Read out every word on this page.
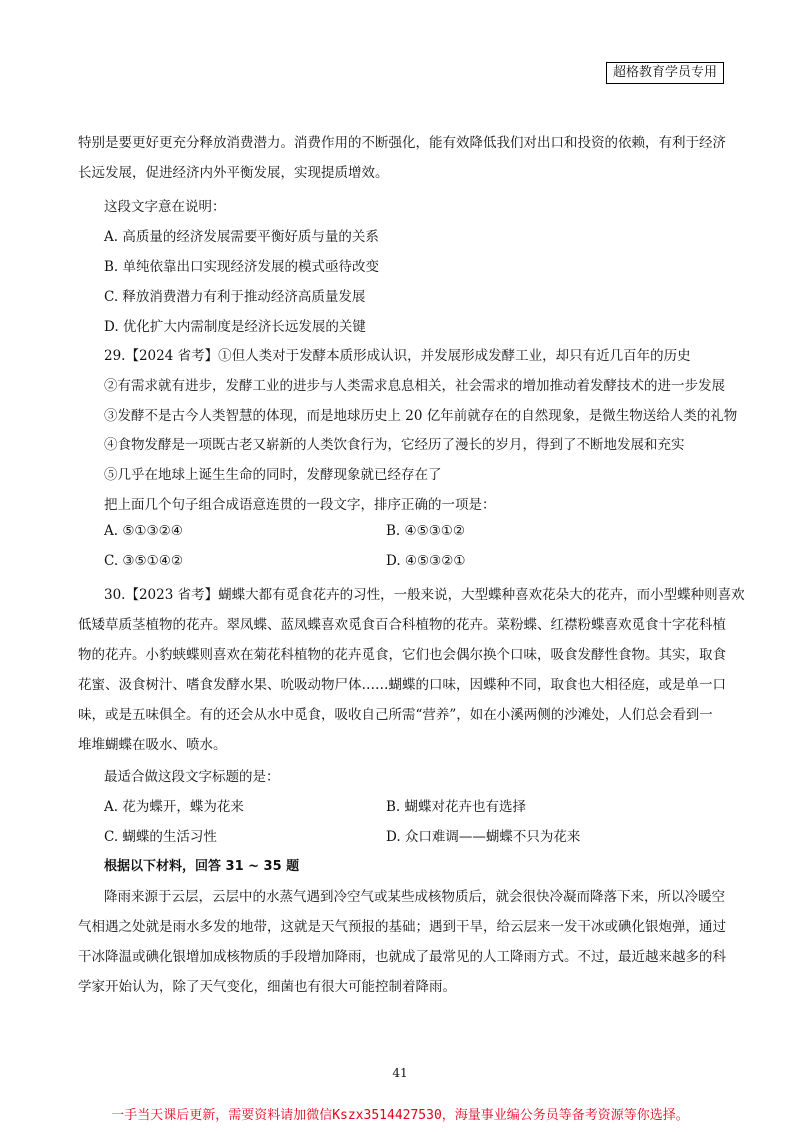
超格教育学员专用
特别是要更好更充分释放消费潜力。消费作用的不断强化，能有效降低我们对出口和投资的依赖，有利于经济
长远发展，促进经济内外平衡发展，实现提质增效。
这段文字意在说明：
A. 高质量的经济发展需要平衡好质与量的关系
B. 单纯依靠出口实现经济发展的模式亟待改变
C. 释放消费潜力有利于推动经济高质量发展
D. 优化扩大内需制度是经济长远发展的关键
29.【2024 省考】①但人类对于发酵本质形成认识，并发展形成发酵工业，却只有近几百年的历史
②有需求就有进步，发酵工业的进步与人类需求息息相关，社会需求的增加推动着发酵技术的进一步发展
③发酵不是古今人类智慧的体现，而是地球历史上 20 亿年前就存在的自然现象，是微生物送给人类的礼物
④食物发酵是一项既古老又崭新的人类饮食行为，它经历了漫长的岁月，得到了不断地发展和充实
⑤几乎在地球上诞生生命的同时，发酵现象就已经存在了
把上面几个句子组合成语意连贯的一段文字，排序正确的一项是：
A. ⑤①③②④	B. ④⑤③①②
C. ③⑤①④②	D. ④⑤③②①
30.【2023 省考】蝴蝶大都有觅食花卉的习性，一般来说，大型蝶种喜欢花朵大的花卉，而小型蝶种则喜欢
低矮草质茎植物的花卉。翠凤蝶、蓝凤蝶喜欢觅食百合科植物的花卉。菜粉蝶、红襟粉蝶喜欢觅食十字花科植
物的花卉。小豹蛱蝶则喜欢在菊花科植物的花卉觅食，它们也会偶尔换个口味，吸食发酵性食物。其实，取食
花蜜、汲食树汁、嗜食发酵水果、吮吸动物尸体……蝴蝶的口味，因蝶种不同，取食也大相径庭，或是单一口
味，或是五味俱全。有的还会从水中觅食，吸收自己所需“营养”，如在小溪两侧的沙滩处，人们总会看到一
堆堆蝴蝶在吸水、喷水。
最适合做这段文字标题的是：
A. 花为蝶开，蝶为花来	B. 蝴蝶对花卉也有选择
C. 蝴蝶的生活习性	D. 众口难调——蝴蝶不只为花来
根据以下材料，回答 31 ~ 35 题
降雨来源于云层，云层中的水蒸气遇到冷空气或某些成核物质后，就会很快冷凝而降落下来，所以冷暖空
气相遇之处就是雨水多发的地带，这就是天气预报的基础；遇到干旱，给云层来一发干冰或碘化银炮弹，通过
干冰降温或碘化银增加成核物质的手段增加降雨，也就成了最常见的人工降雨方式。不过，最近越来越多的科
学家开始认为，除了天气变化，细菌也有很大可能控制着降雨。
41
一手当天课后更新，需要资料请加微信Kszx3514427530，海量事业编公务员等备考资源等你选择。
